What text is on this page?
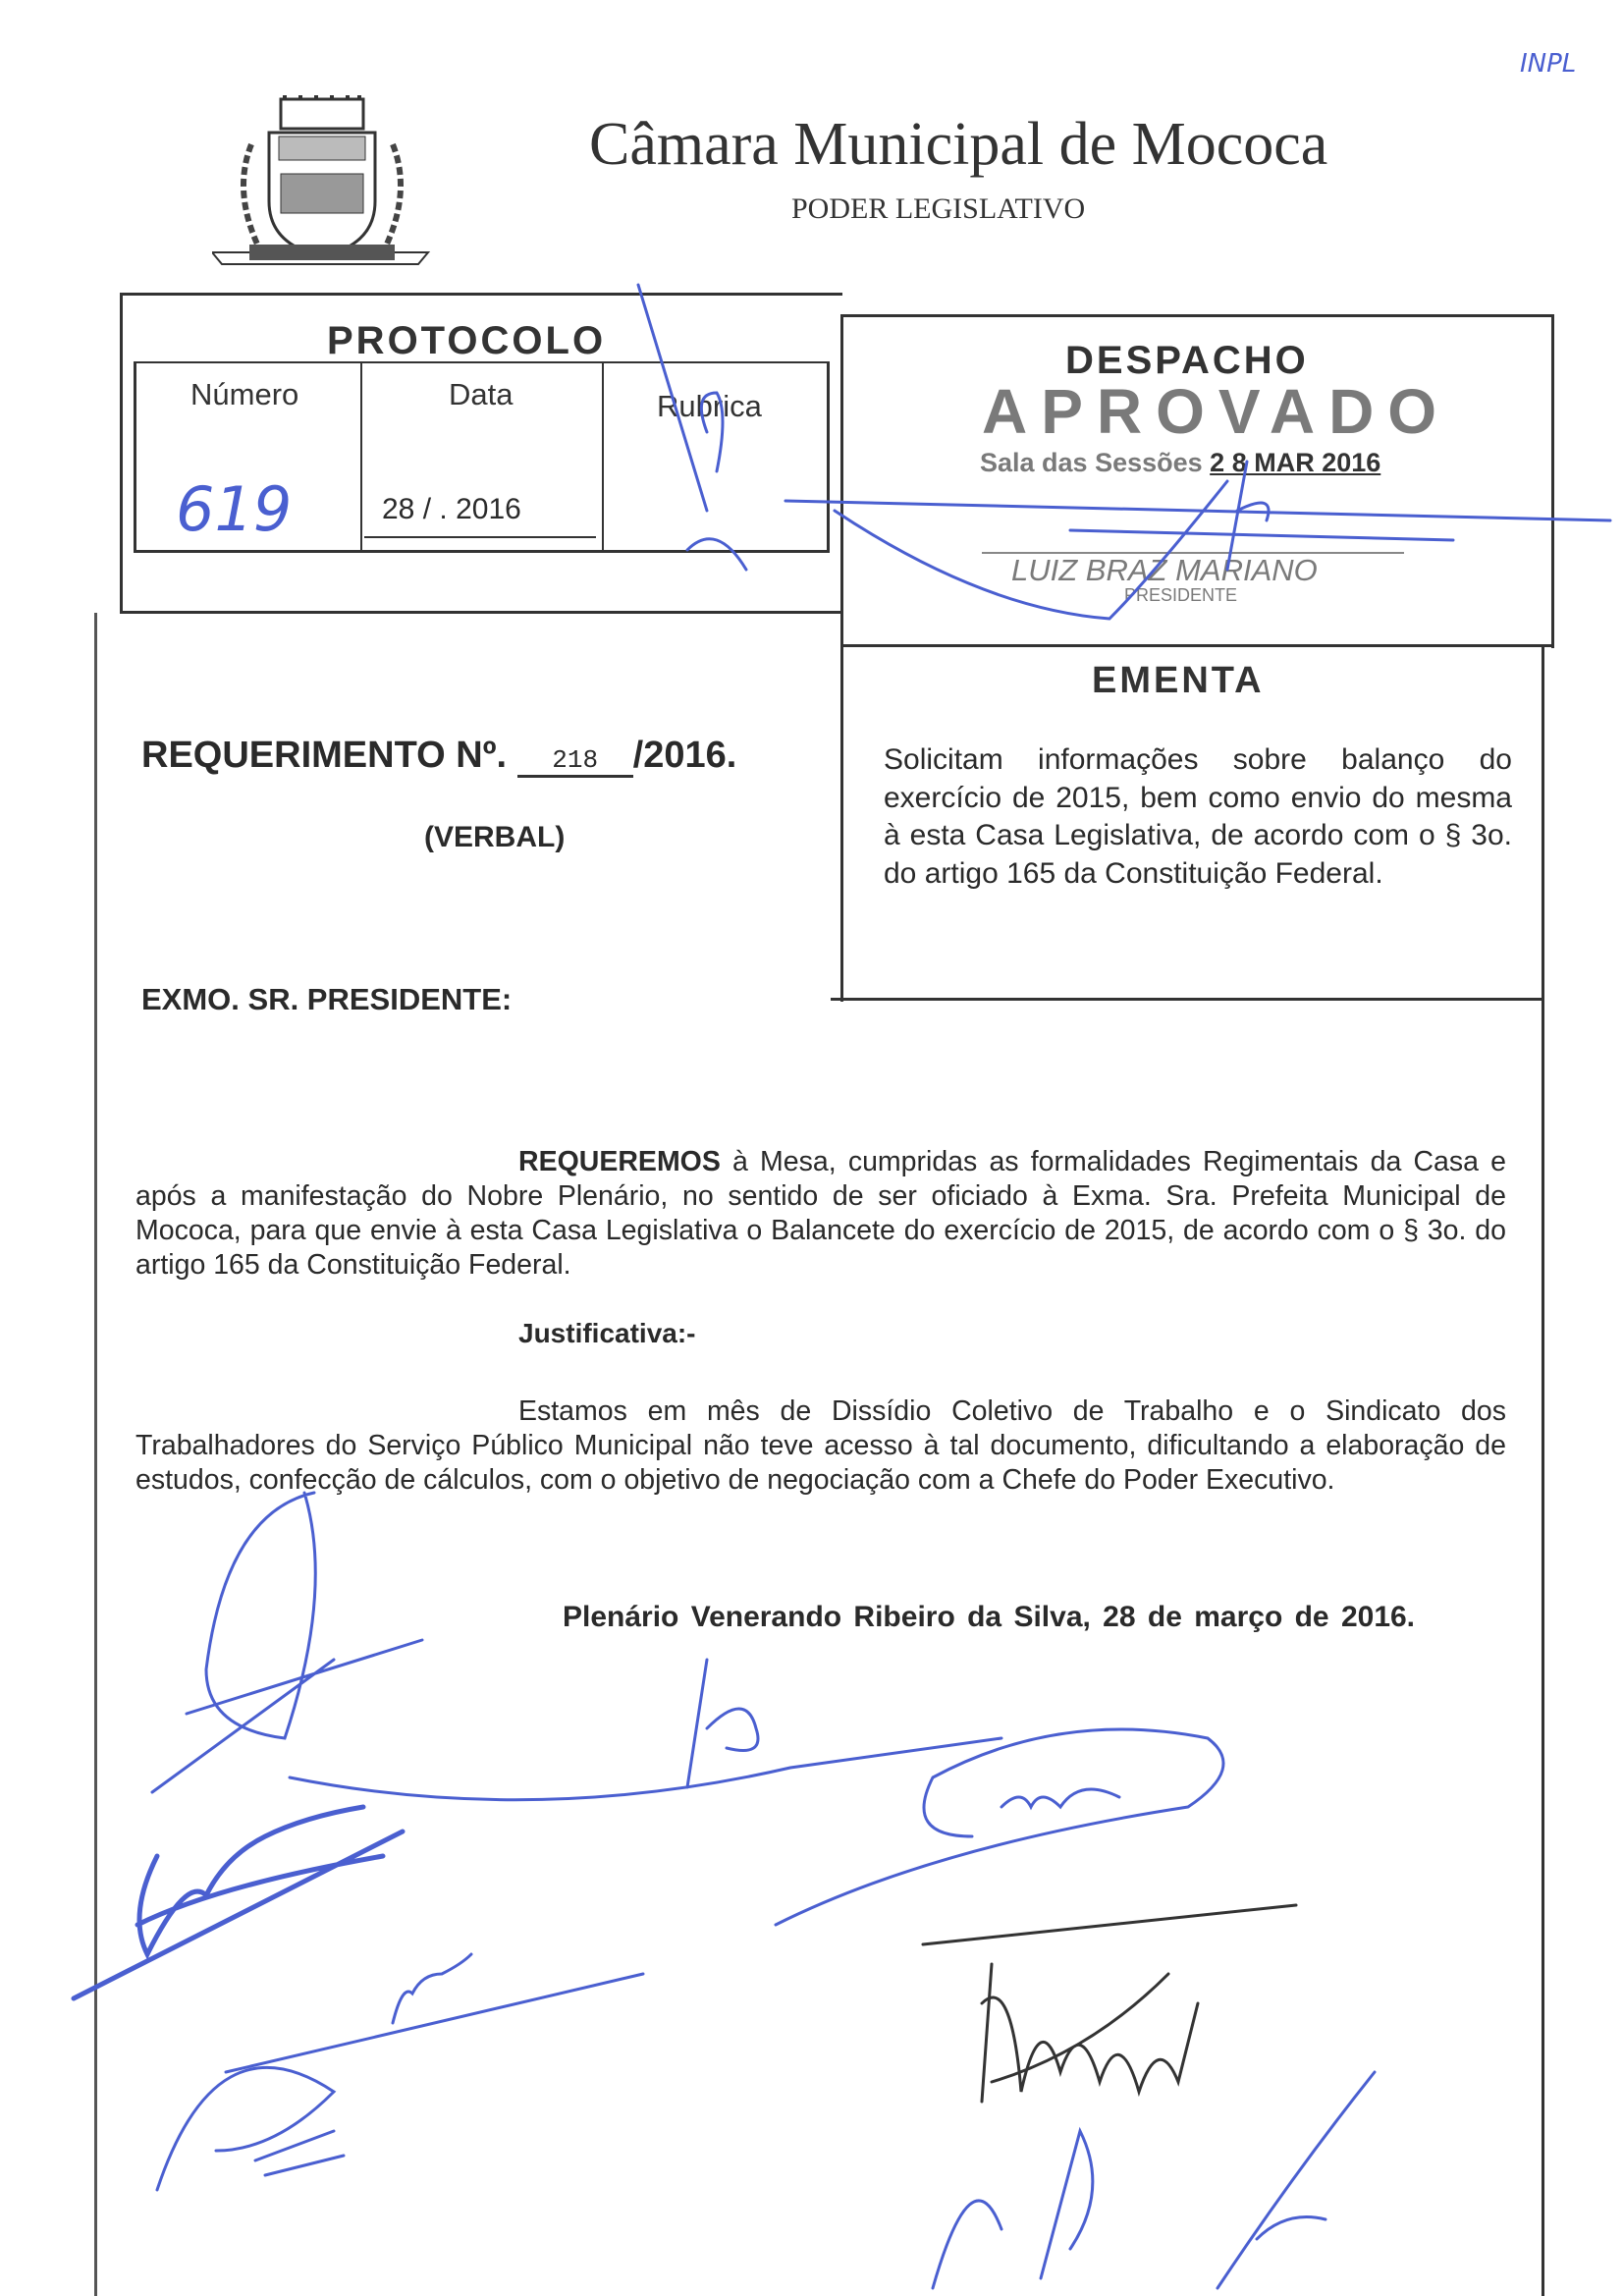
INPL
Câmara Municipal de Mococa
PODER LEGISLATIVO
PROTOCOLO
Número	Data	Rubrica
619	28 / . 2016
DESPACHO
APROVADO
Sala das Sessões 2 8 MAR 2016
LUIZ BRAZ MARIANO
PRESIDENTE
EMENTA
Solicitam informações sobre balanço do exercício de 2015, bem como envio do mesma à esta Casa Legislativa, de acordo com o § 3o. do artigo 165 da Constituição Federal.
REQUERIMENTO Nº. 218 /2016.
(VERBAL)
EXMO. SR. PRESIDENTE:
REQUEREMOS à Mesa, cumpridas as formalidades Regimentais da Casa e após a manifestação do Nobre Plenário, no sentido de ser oficiado à Exma. Sra. Prefeita Municipal de Mococa, para que envie à esta Casa Legislativa o Balancete do exercício de 2015, de acordo com o § 3o. do artigo 165 da Constituição Federal.
Justificativa:-
Estamos em mês de Dissídio Coletivo de Trabalho e o Sindicato dos Trabalhadores do Serviço Público Municipal não teve acesso à tal documento, dificultando a elaboração de estudos, confecção de cálculos, com o objetivo de negociação com a Chefe do Poder Executivo.
Plenário Venerando Ribeiro da Silva, 28 de março de 2016.
